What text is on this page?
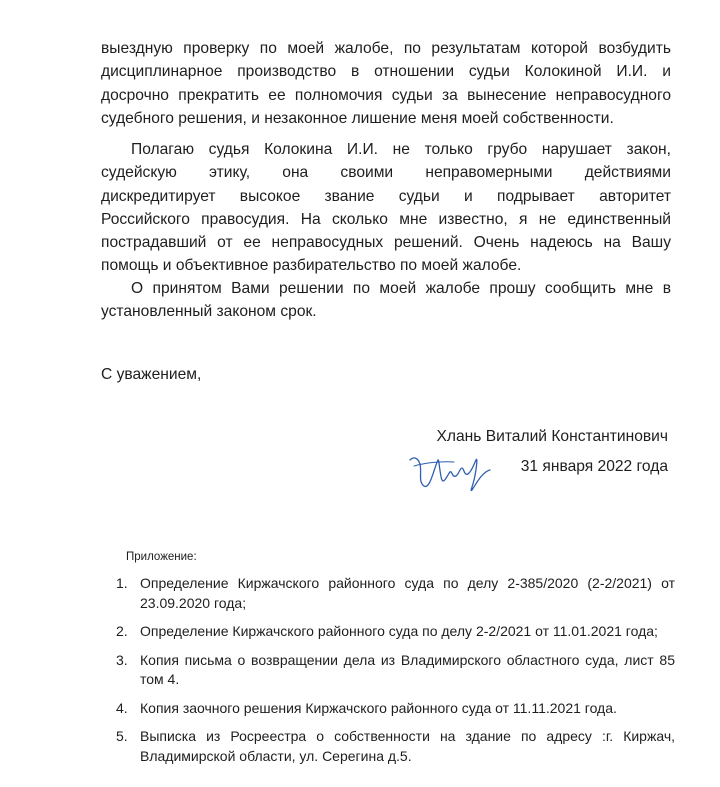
выездную проверку по моей жалобе, по результатам которой возбудить
дисциплинарное производство в отношении судьи Колокиной И.И. и
досрочно прекратить ее полномочия судьи за вынесение неправосудного
судебного решения, и незаконное лишение меня моей собственности.

Полагаю судья Колокина И.И. не только грубо нарушает закон,
судейскую этику, она своими неправомерными действиями
дискредитирует высокое звание судьи и подрывает авторитет
Российского правосудия. На сколько мне известно, я не единственный
пострадавший от ее неправосудных решений. Очень надеюсь на Вашу
помощь и объективное разбирательство по моей жалобе.

О принятом Вами решении по моей жалобе прошу сообщить мне в
установленный законом срок.

С уважением,

Хлань Виталий Константинович

31 января 2022 года

Приложение:

1. Определение Киржачского районного суда по делу 2-385/2020 (2-2/2021) от 23.09.2020 года;
2. Определение Киржачского районного суда по делу 2-2/2021 от 11.01.2021 года;
3. Копия письма о возвращении дела из Владимирского областного суда, лист 85 том 4.
4. Копия заочного решения Киржачского районного суда от 11.11.2021 года.
5. Выписка из Росреестра о собственности на здание по адресу :г. Киржач, Владимирской области, ул. Серегина д.5.
